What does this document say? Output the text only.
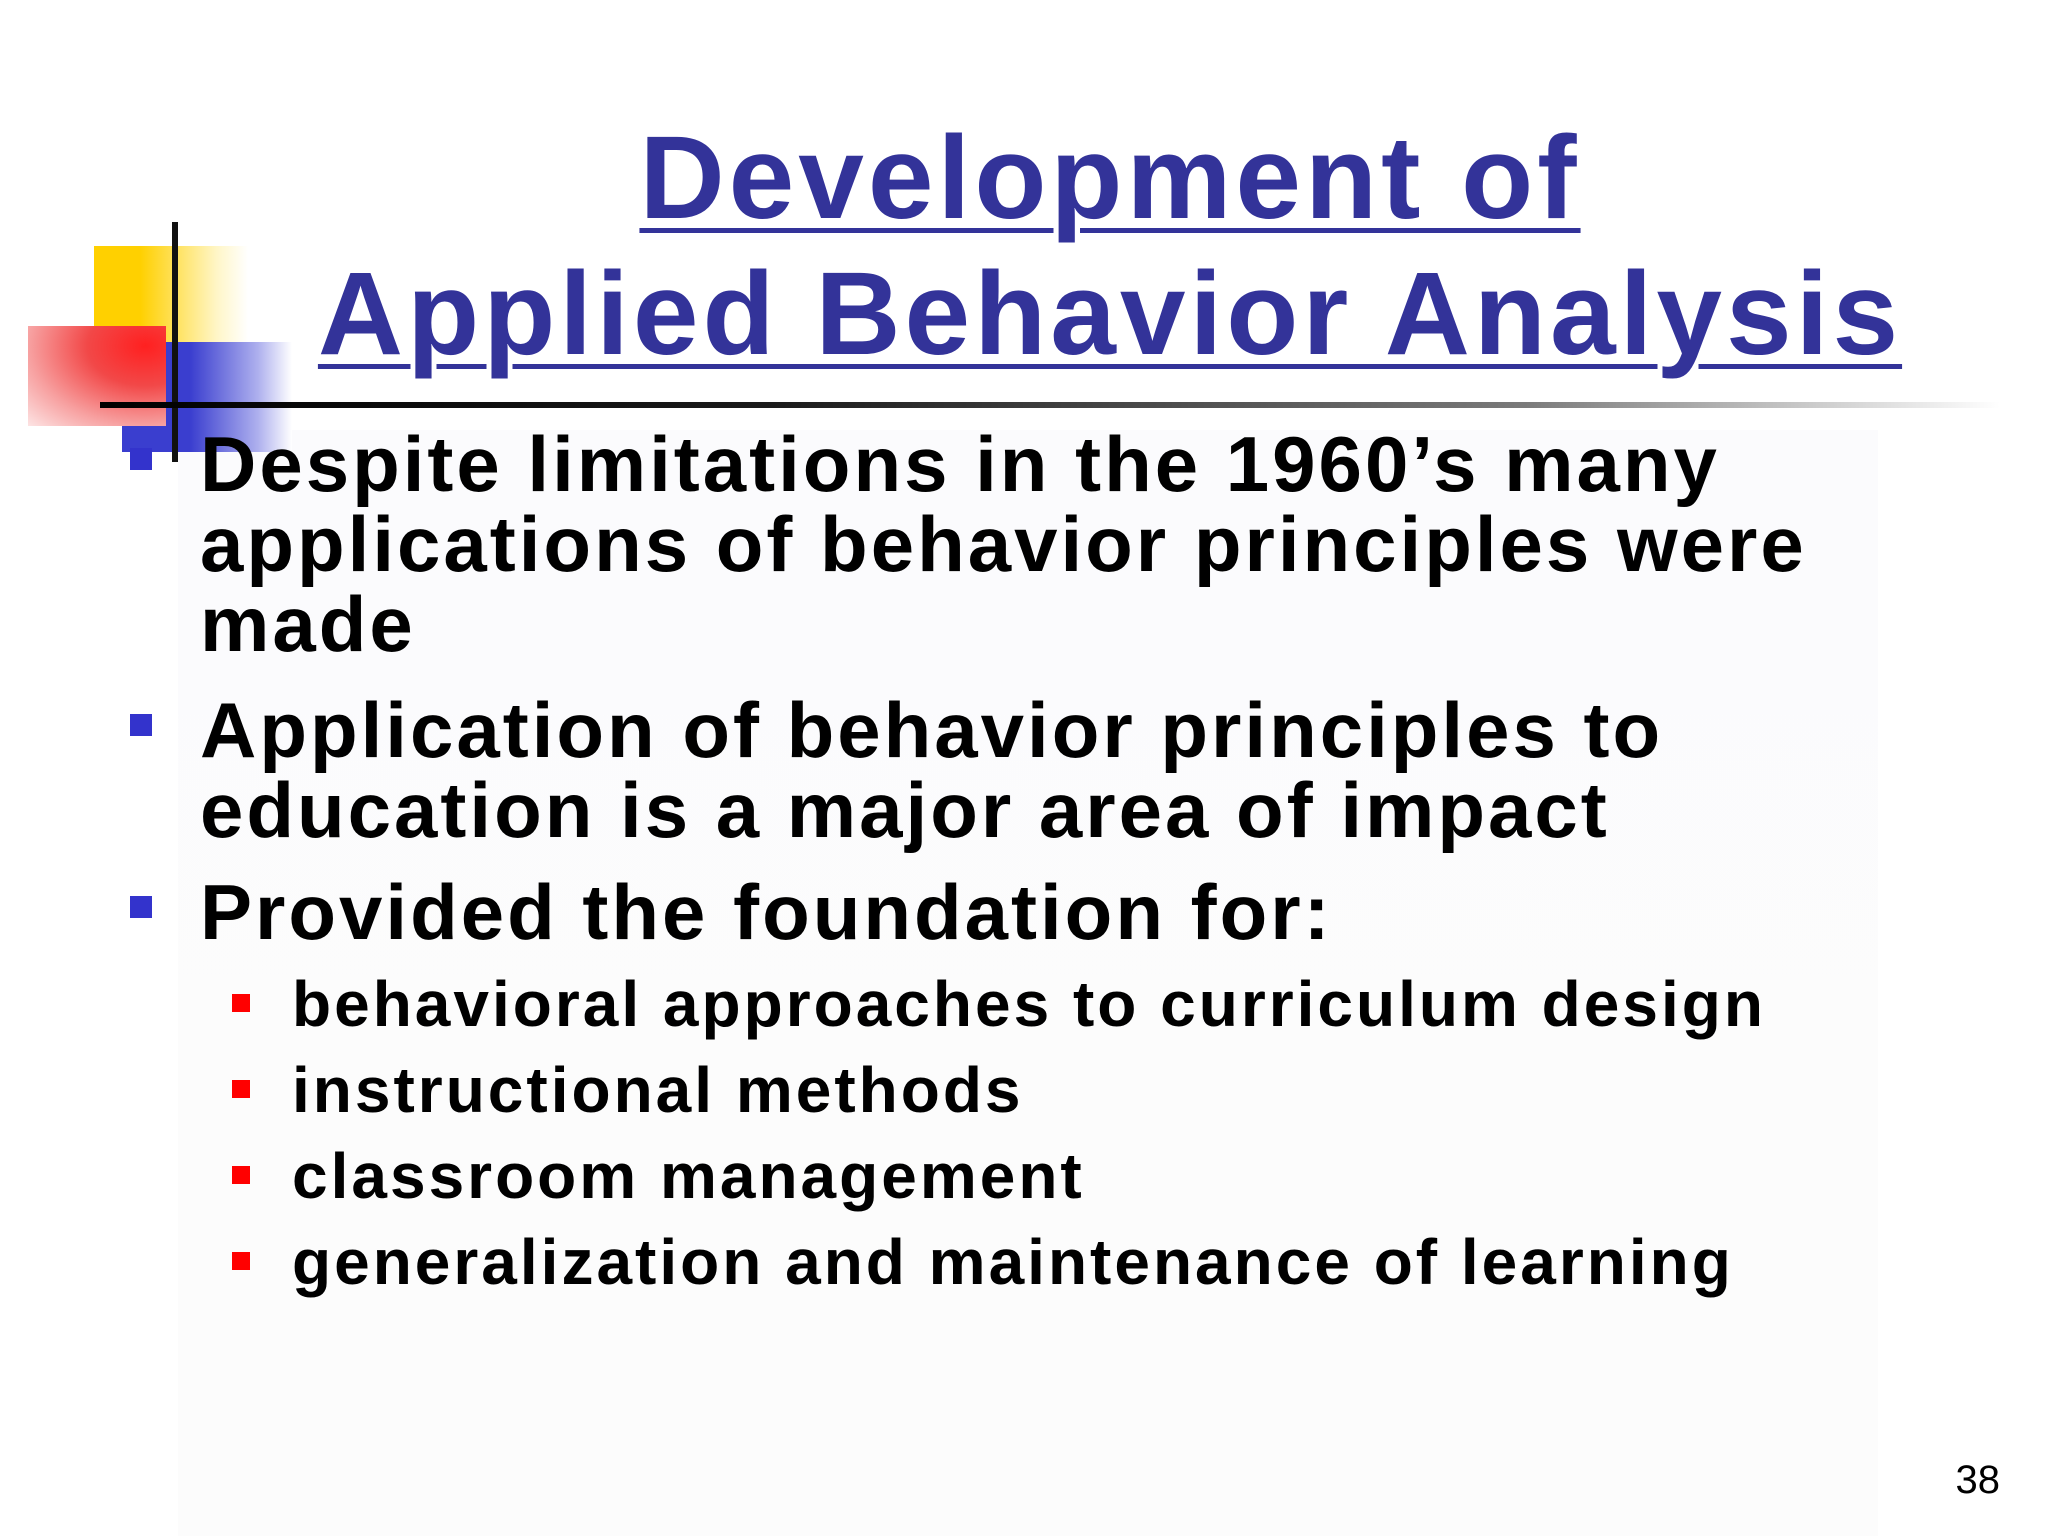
Development of
Applied Behavior Analysis

Despite limitations in the 1960’s many applications of behavior principles were made

Application of behavior principles to education is a major area of impact

Provided the foundation for:

behavioral approaches to curriculum design

instructional methods

classroom management

generalization and maintenance of learning

38
